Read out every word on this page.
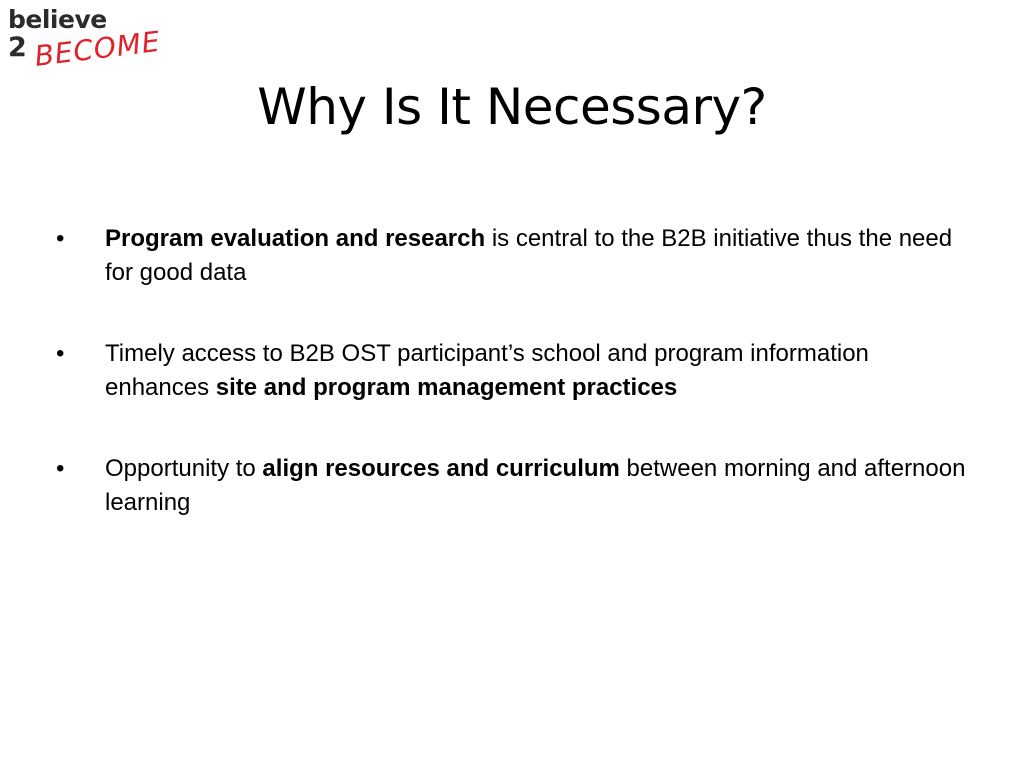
believe
2 BECOME
Why Is It Necessary?
• Program evaluation and research is central to the B2B initiative thus the need for good data
• Timely access to B2B OST participant’s school and program information enhances site and program management practices
• Opportunity to align resources and curriculum between morning and afternoon learning
